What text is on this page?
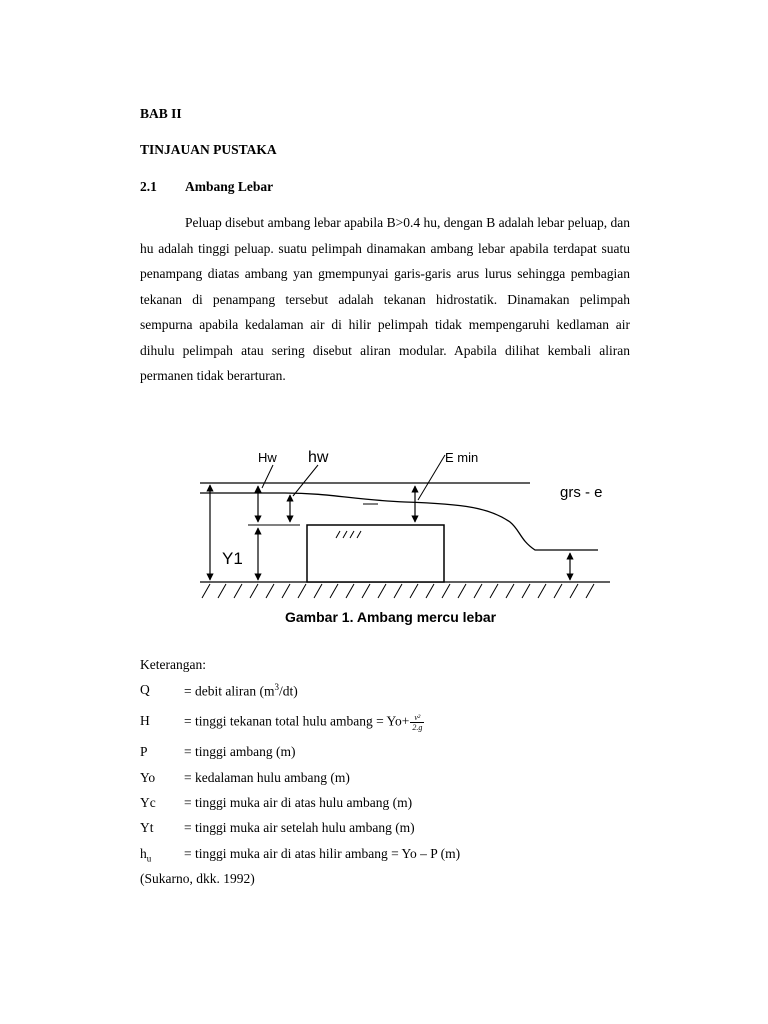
BAB II
TINJAUAN PUSTAKA
2.1 Ambang Lebar

Peluap disebut ambang lebar apabila B>0.4 hu, dengan B adalah lebar peluap, dan hu adalah tinggi peluap. suatu pelimpah dinamakan ambang lebar apabila terdapat suatu penampang diatas ambang yan gmempunyai garis-garis arus lurus sehingga pembagian tekanan di penampang tersebut adalah tekanan hidrostatik. Dinamakan pelimpah sempurna apabila kedalaman air di hilir pelimpah tidak mempengaruhi kedlaman air dihulu pelimpah atau sering disebut aliran modular. Apabila dilihat kembali aliran permanen tidak berarturan.

Hw hw	E min
grs - e
Y1
Gambar 1. Ambang mercu lebar
Keterangan:
Q	= debit aliran $(m^3/dt)$
H	= tinggi tekanan total hulu ambang = $Yo+ \frac{\text{v²}}{2.g}$
P	= tinggi ambang (m)
Yo = kedalaman hulu ambang (m)
Yc = tinggi muka air di atas hulu ambang (m)
Yt = tinggi muka air setelah hulu ambang (m)
$h_u$ = tinggi muka air di atas hilir ambang = Yo – P (m)
(Sukarno, dkk. 1992)
